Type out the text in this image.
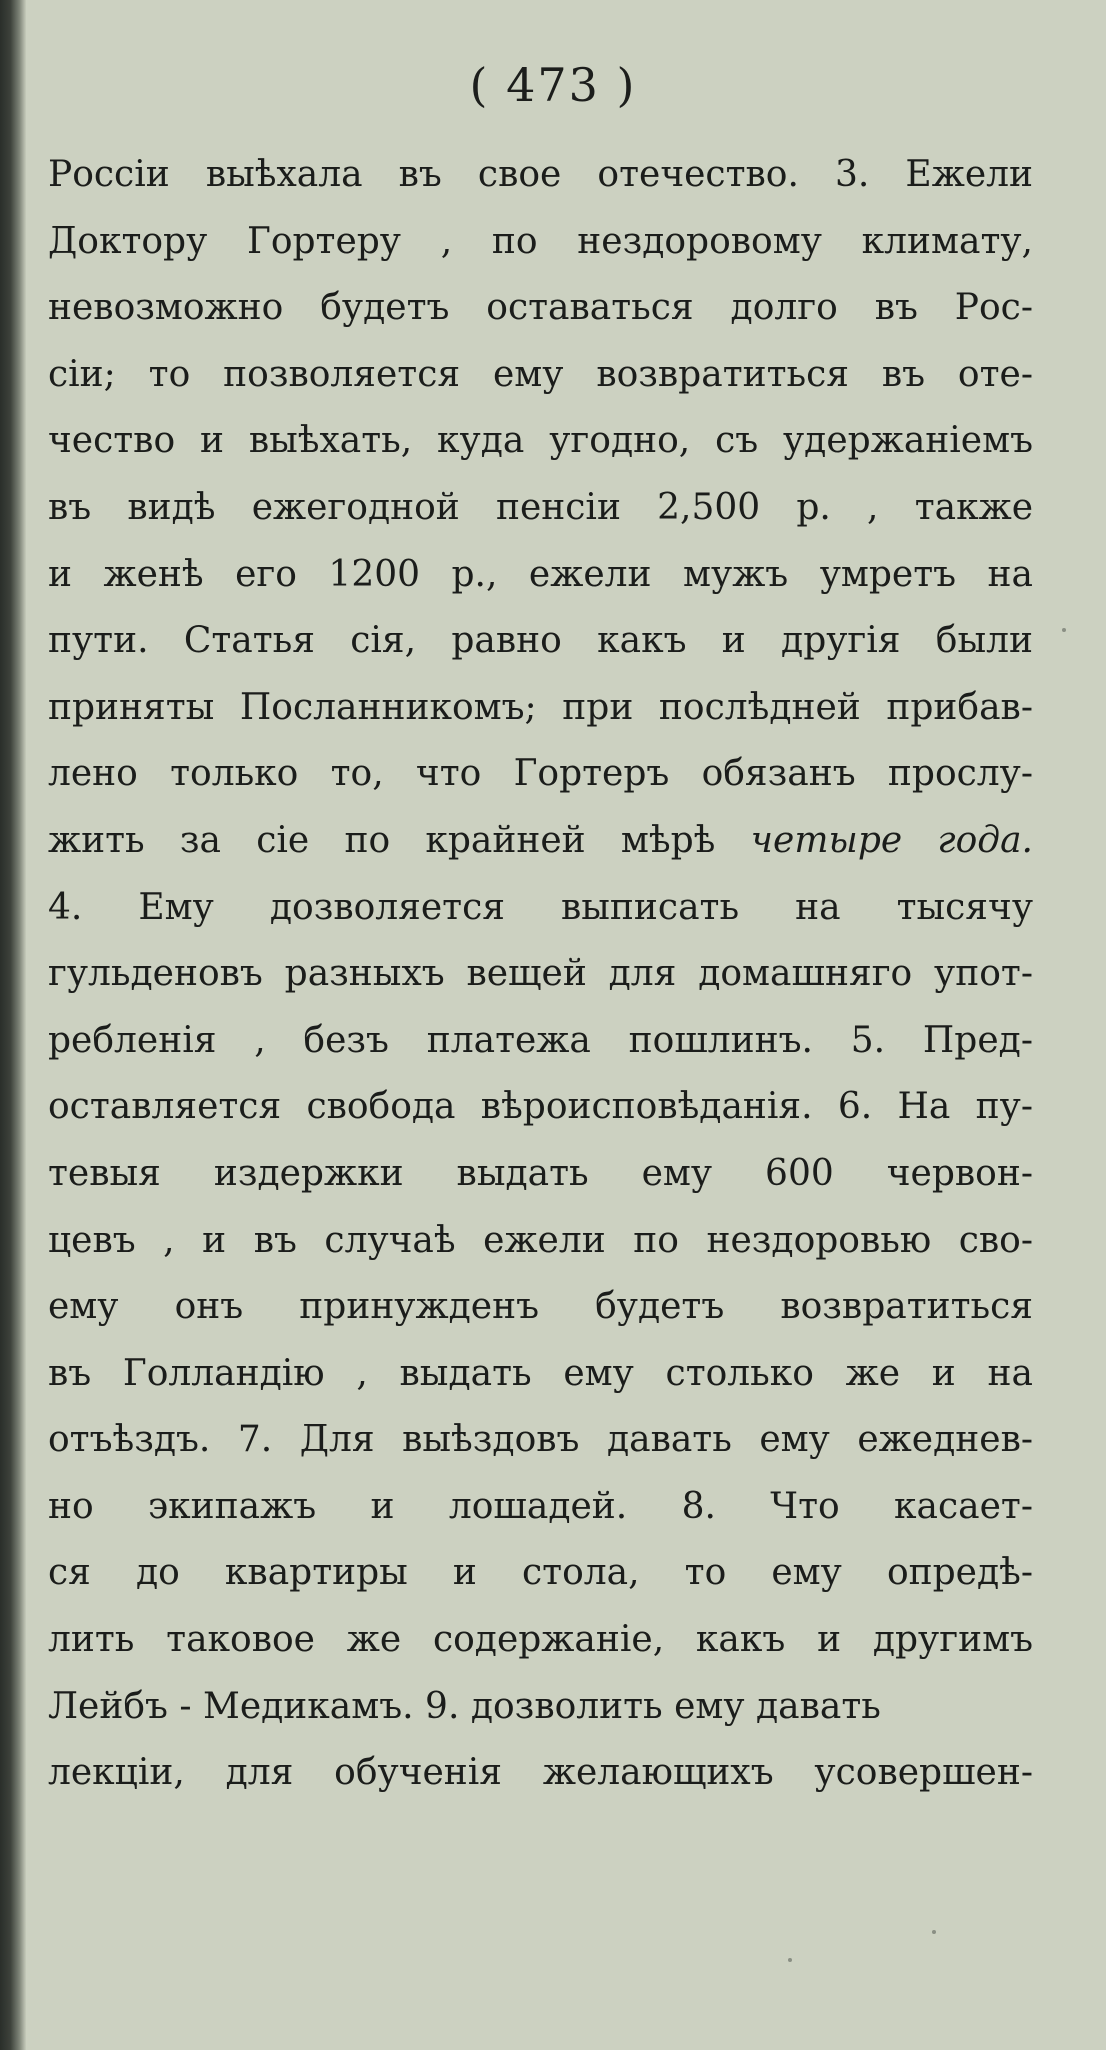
( 473 )
Россіи выѣхала въ свое отечество. 3. Ежели
Доктору Гортеру , по нездоровому климату,
невозможно будетъ оставаться долго въ Рос-
сіи; то позволяется ему возвратиться въ оте-
чество и выѣхать, куда угодно, съ удержаніемъ
въ видѣ ежегодной пенсіи 2,500 р. , также
и женѣ его 1200 р., ежели мужъ умретъ на
пути. Статья сія, равно какъ и другія были
приняты Посланникомъ; при послѣдней прибав-
лено только то, что Гортеръ обязанъ прослу-
жить за сіе по крайней мѣрѣ четыре года.
4. Ему дозволяется выписать на тысячу
гульденовъ разныхъ вещей для домашняго упот-
ребленія , безъ платежа пошлинъ. 5. Пред-
оставляется свобода вѣроисповѣданія. 6. На пу-
тевыя издержки выдать ему 600 червон-
цевъ , и въ случаѣ ежели по нездоровью сво-
ему онъ принужденъ будетъ возвратиться
въ Голландію , выдать ему столько же и на
отъѣздъ. 7. Для выѣздовъ давать ему ежеднев-
но экипажъ и лошадей. 8. Что касает-
ся до квартиры и стола, то ему опредѣ-
лить таковое же содержаніе, какъ и другимъ
Лейбъ - Медикамъ. 9. дозволить ему давать
лекціи, для обученія желающихъ усовершен-
